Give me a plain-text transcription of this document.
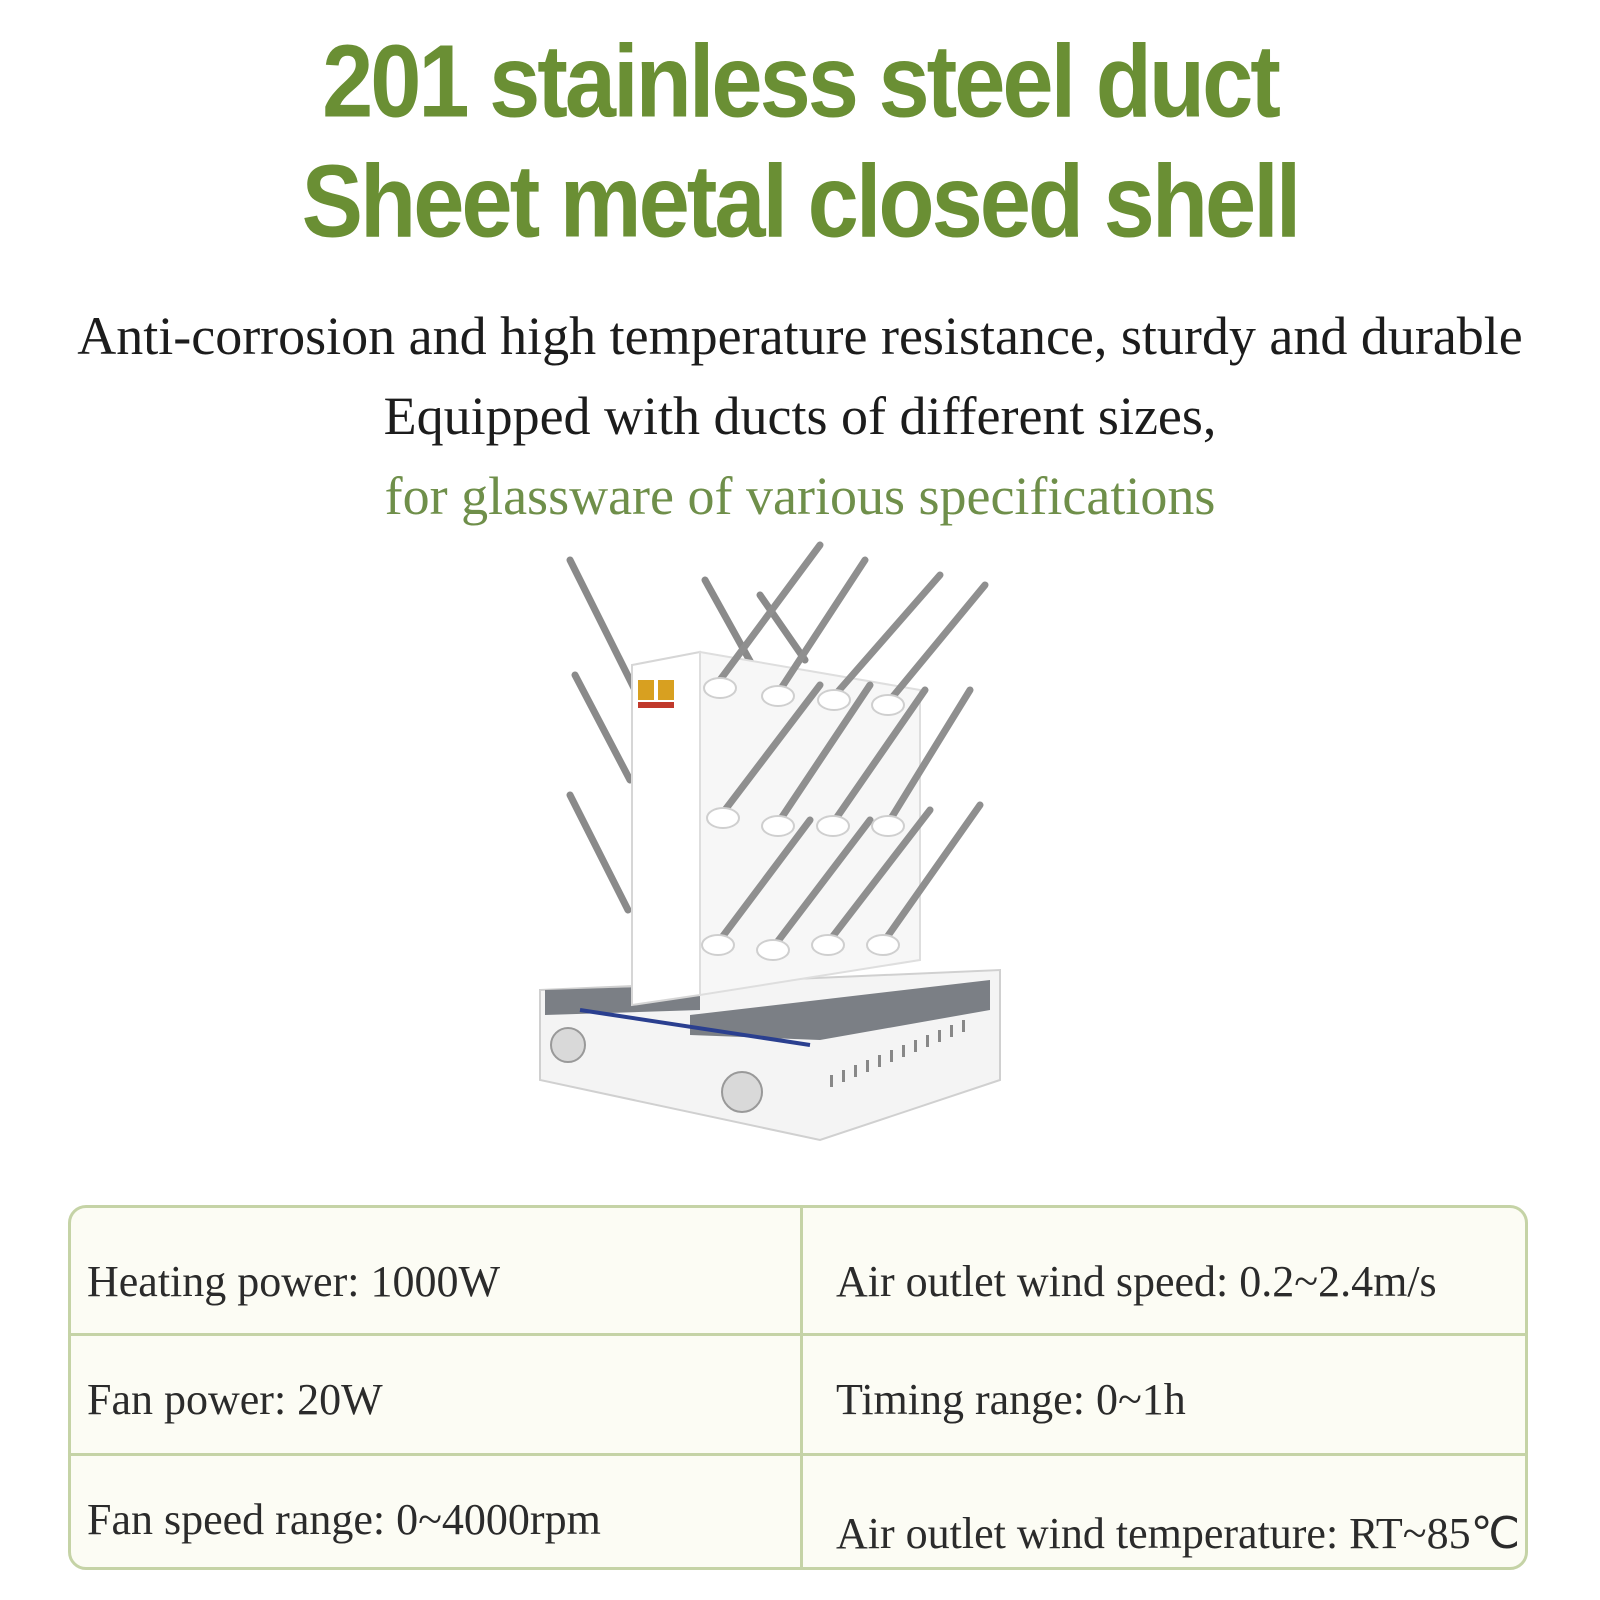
201 stainless steel duct
Sheet metal closed shell
Anti-corrosion and high temperature resistance, sturdy and durable
Equipped with ducts of different sizes,
for glassware of various specifications
Heating power: 1000W	Air outlet wind speed: 0.2~2.4m/s
Fan power: 20W	Timing range: 0~1h
Fan speed range: 0~4000rpm	Air outlet wind temperature: RT~85℃
